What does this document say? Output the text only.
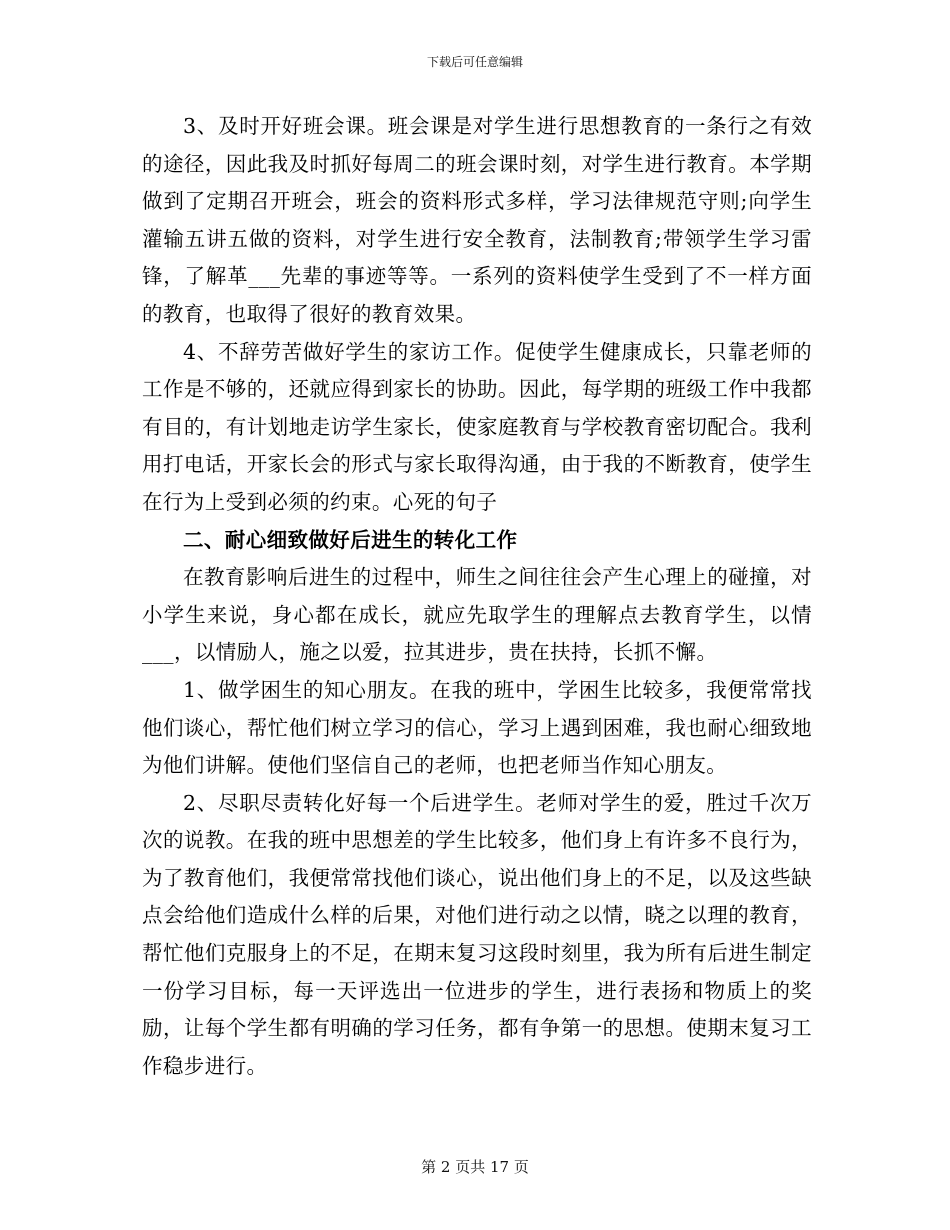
下载后可任意编辑

3、及时开好班会课。班会课是对学生进行思想教育的一条行之有效的途径，因此我及时抓好每周二的班会课时刻，对学生进行教育。本学期做到了定期召开班会，班会的资料形式多样，学习法律规范守则;向学生灌输五讲五做的资料，对学生进行安全教育，法制教育;带领学生学习雷锋，了解革___先辈的事迹等等。一系列的资料使学生受到了不一样方面的教育，也取得了很好的教育效果。

4、不辞劳苦做好学生的家访工作。促使学生健康成长，只靠老师的工作是不够的，还就应得到家长的协助。因此，每学期的班级工作中我都有目的，有计划地走访学生家长，使家庭教育与学校教育密切配合。我利用打电话，开家长会的形式与家长取得沟通，由于我的不断教育，使学生在行为上受到必须的约束。心死的句子

二、耐心细致做好后进生的转化工作

在教育影响后进生的过程中，师生之间往往会产生心理上的碰撞，对小学生来说，身心都在成长，就应先取学生的理解点去教育学生，以情___，以情励人，施之以爱，拉其进步，贵在扶持，长抓不懈。

1、做学困生的知心朋友。在我的班中，学困生比较多，我便常常找他们谈心，帮忙他们树立学习的信心，学习上遇到困难，我也耐心细致地为他们讲解。使他们坚信自己的老师，也把老师当作知心朋友。

2、尽职尽责转化好每一个后进学生。老师对学生的爱，胜过千次万次的说教。在我的班中思想差的学生比较多，他们身上有许多不良行为，为了教育他们，我便常常找他们谈心，说出他们身上的不足，以及这些缺点会给他们造成什么样的后果，对他们进行动之以情，晓之以理的教育，帮忙他们克服身上的不足，在期末复习这段时刻里，我为所有后进生制定一份学习目标，每一天评选出一位进步的学生，进行表扬和物质上的奖励，让每个学生都有明确的学习任务，都有争第一的思想。使期末复习工作稳步进行。

第 2 页共 17 页
